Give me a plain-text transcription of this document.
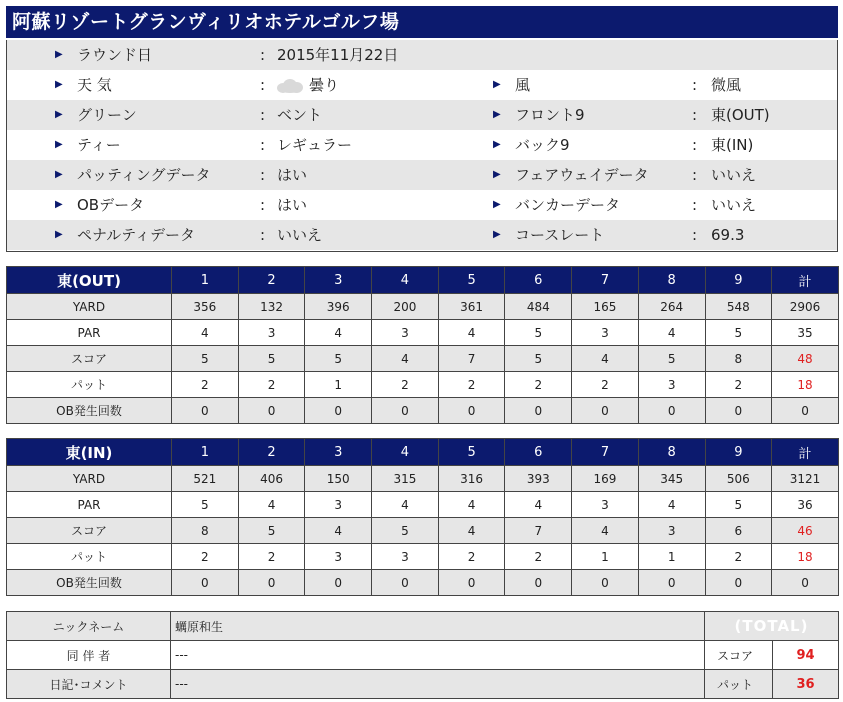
阿蘇リゾートグランヴィリオホテルゴルフ場
▶ ラウンド日	: 2015年11月22日
▶ 天 気	:	曇り	▶ 風	: 微風
▶ グリーン	: ベント	▶ フロント9	: 東(OUT)
▶ ティー	: レギュラー	▶ バック9	: 東(IN)
▶ パッティングデータ	: はい	▶ フェアウェイデータ	: いいえ
▶ OBデータ	: はい	▶ バンカーデータ	: いいえ
▶ ペナルティデータ	: いいえ	▶ コースレート	: 69.3
東(OUT)	1	2	3	4	5	6	7	8	9	計
YARD	356	132	396	200	361	484	165	264	548	2906
PAR	4	3	4	3	4	5	3	4	5	35
スコア	5	5	5	4	7	5	4	5	8	48
パット	2	2	1	2	2	2	2	3	2	18
OB発生回数	0	0	0	0	0	0	0	0	0	0
東(IN)	1	2	3	4	5	6	7	8	9	計
YARD	521	406	150	315	316	393	169	345	506	3121
PAR	5	4	3	4	4	4	3	4	5	36
スコア	8	5	4	5	4	7	4	3	6	46
パット	2	2	3	3	2	2	1	1	2	18
OB発生回数	0	0	0	0	0	0	0	0	0	0
ニックネーム	蠣原和生	(TOTAL)	
同 伴 者	---	スコア	94
日記･コメント	---	パット	36
